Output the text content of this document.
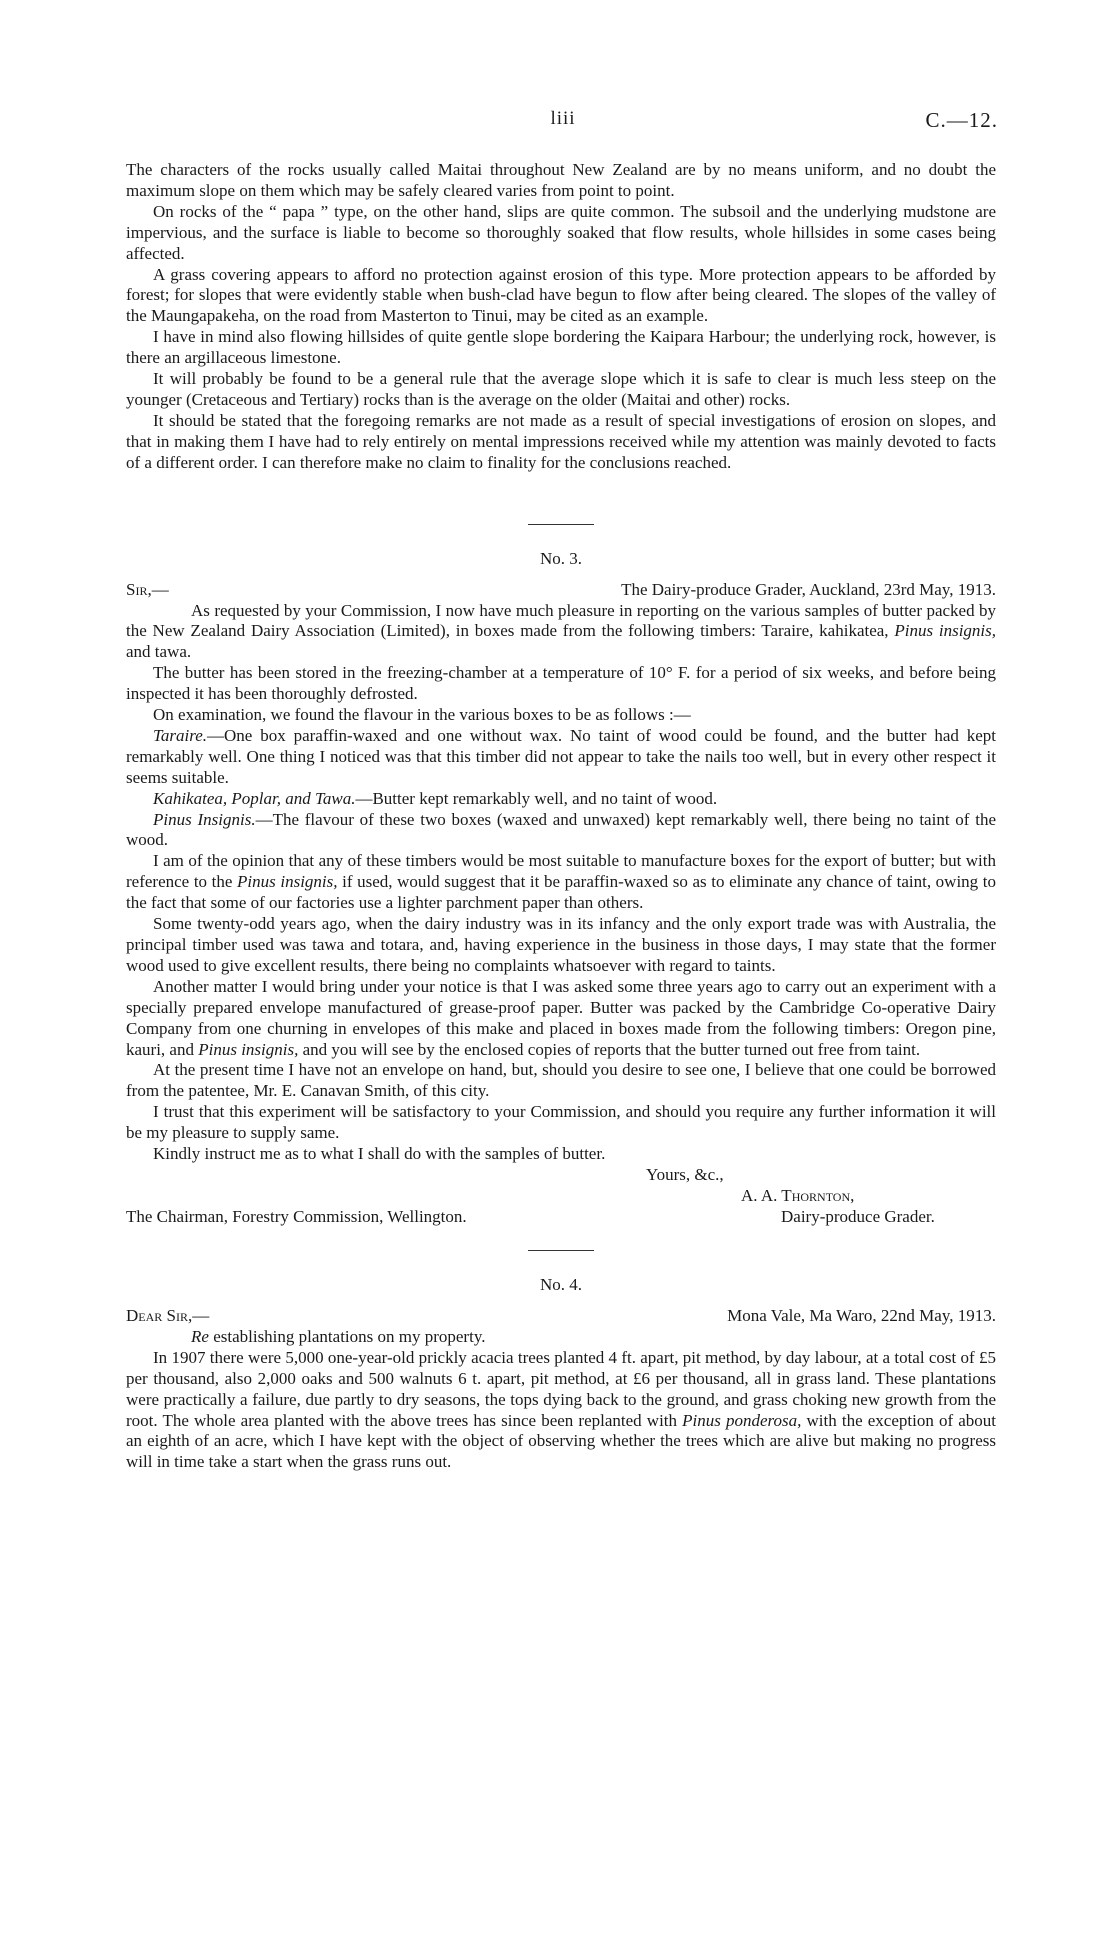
liii	C.—12.

The characters of the rocks usually called Maitai throughout New Zealand are by no means uniform, and no doubt the maximum slope on them which may be safely cleared varies from point to point.

On rocks of the “ papa ” type, on the other hand, slips are quite common. The subsoil and the underlying mudstone are impervious, and the surface is liable to become so thoroughly soaked that flow results, whole hillsides in some cases being affected.

A grass covering appears to afford no protection against erosion of this type. More protection appears to be afforded by forest; for slopes that were evidently stable when bush-clad have begun to flow after being cleared. The slopes of the valley of the Maungapakeha, on the road from Masterton to Tinui, may be cited as an example.

I have in mind also flowing hillsides of quite gentle slope bordering the Kaipara Harbour; the underlying rock, however, is there an argillaceous limestone.

It will probably be found to be a general rule that the average slope which it is safe to clear is much less steep on the younger (Cretaceous and Tertiary) rocks than is the average on the older (Maitai and other) rocks.

It should be stated that the foregoing remarks are not made as a result of special investigations of erosion on slopes, and that in making them I have had to rely entirely on mental impressions received while my attention was mainly devoted to facts of a different order. I can therefore make no claim to finality for the conclusions reached.

No. 3.
Sir,—	The Dairy-produce Grader, Auckland, 23rd May, 1913.

As requested by your Commission, I now have much pleasure in reporting on the various samples of butter packed by the New Zealand Dairy Association (Limited), in boxes made from the following timbers: Taraire, kahikatea, Pinus insignis, and tawa.

The butter has been stored in the freezing-chamber at a temperature of 10° F. for a period of six weeks, and before being inspected it has been thoroughly defrosted.

On examination, we found the flavour in the various boxes to be as follows :—

Taraire.—One box paraffin-waxed and one without wax. No taint of wood could be found, and the butter had kept remarkably well. One thing I noticed was that this timber did not appear to take the nails too well, but in every other respect it seems suitable.

Kahikatea, Poplar, and Tawa.—Butter kept remarkably well, and no taint of wood.

Pinus Insignis.—The flavour of these two boxes (waxed and unwaxed) kept remarkably well, there being no taint of the wood.

I am of the opinion that any of these timbers would be most suitable to manufacture boxes for the export of butter; but with reference to the Pinus insignis, if used, would suggest that it be paraffin-waxed so as to eliminate any chance of taint, owing to the fact that some of our factories use a lighter parchment paper than others.

Some twenty-odd years ago, when the dairy industry was in its infancy and the only export trade was with Australia, the principal timber used was tawa and totara, and, having experience in the business in those days, I may state that the former wood used to give excellent results, there being no complaints whatsoever with regard to taints.

Another matter I would bring under your notice is that I was asked some three years ago to carry out an experiment with a specially prepared envelope manufactured of grease-proof paper. Butter was packed by the Cambridge Co-operative Dairy Company from one churning in envelopes of this make and placed in boxes made from the following timbers: Oregon pine, kauri, and Pinus insignis, and you will see by the enclosed copies of reports that the butter turned out free from taint.

At the present time I have not an envelope on hand, but, should you desire to see one, I believe that one could be borrowed from the patentee, Mr. E. Canavan Smith, of this city.

I trust that this experiment will be satisfactory to your Commission, and should you require any further information it will be my pleasure to supply same.

Kindly instruct me as to what I shall do with the samples of butter.

Yours, &c.,
A. A. Thornton,
The Chairman, Forestry Commission, Wellington.	Dairy-produce Grader.
No. 4.
Dear Sir,—	Mona Vale, Ma Waro, 22nd May, 1913.

Re establishing plantations on my property.

In 1907 there were 5,000 one-year-old prickly acacia trees planted 4 ft. apart, pit method, by day labour, at a total cost of £5 per thousand, also 2,000 oaks and 500 walnuts 6 t. apart, pit method, at £6 per thousand, all in grass land. These plantations were practically a failure, due partly to dry seasons, the tops dying back to the ground, and grass choking new growth from the root. The whole area planted with the above trees has since been replanted with Pinus ponderosa, with the exception of about an eighth of an acre, which I have kept with the object of observing whether the trees which are alive but making no progress will in time take a start when the grass runs out.
